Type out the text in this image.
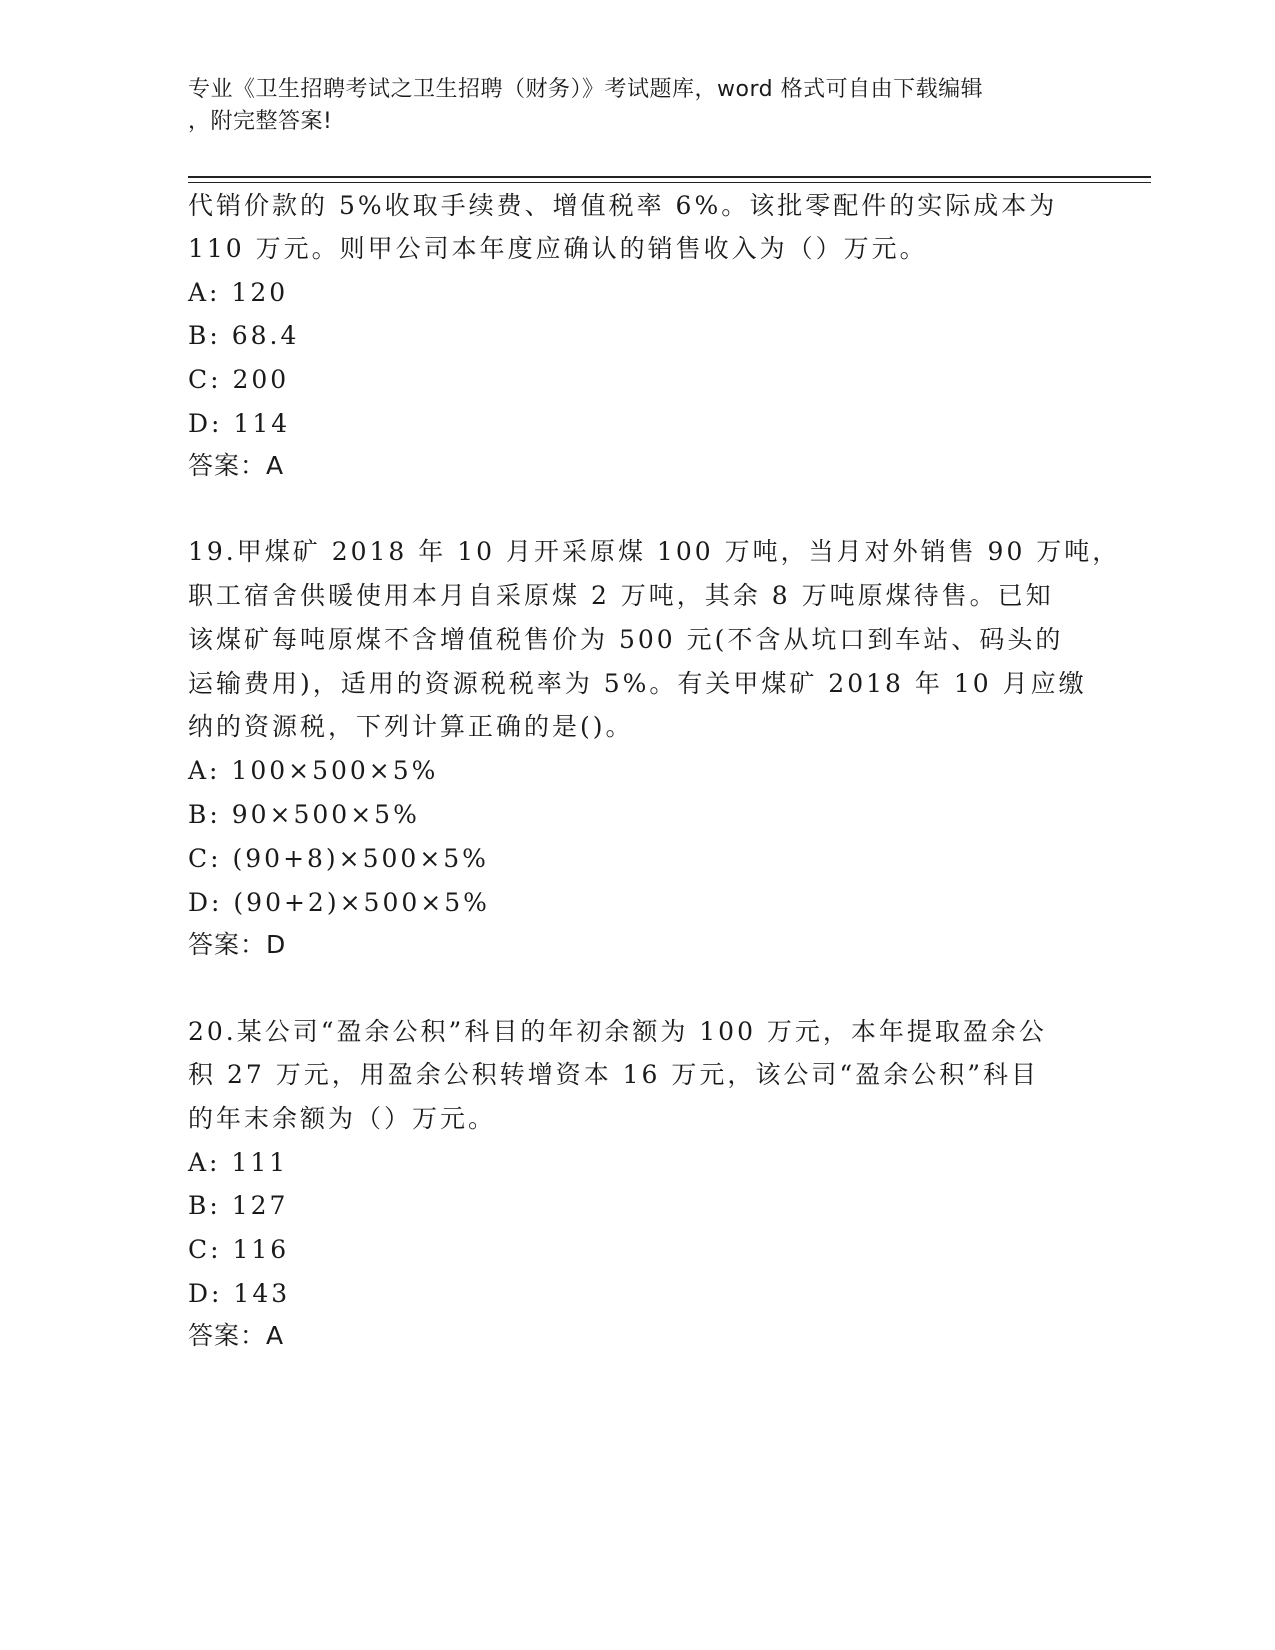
专业《卫生招聘考试之卫生招聘（财务）》考试题库，word 格式可自由下载编辑
，附完整答案!
代销价款的 5%收取手续费、增值税率 6%。该批零配件的实际成本为
110 万元。则甲公司本年度应确认的销售收入为（）万元。
A: 120
B: 68.4
C: 200
D: 114
答案：A
19.甲煤矿 2018 年 10 月开采原煤 100 万吨，当月对外销售 90 万吨，
职工宿舍供暖使用本月自采原煤 2 万吨，其余 8 万吨原煤待售。已知
该煤矿每吨原煤不含增值税售价为 500 元(不含从坑口到车站、码头的
运输费用)，适用的资源税税率为 5%。有关甲煤矿 2018 年 10 月应缴
纳的资源税，下列计算正确的是()。
A: 100×500×5%
B: 90×500×5%
C: (90+8)×500×5%
D: (90+2)×500×5%
答案：D
20.某公司“盈余公积”科目的年初余额为 100 万元，本年提取盈余公
积 27 万元，用盈余公积转增资本 16 万元，该公司“盈余公积”科目
的年末余额为（）万元。
A: 111
B: 127
C: 116
D: 143
答案：A
